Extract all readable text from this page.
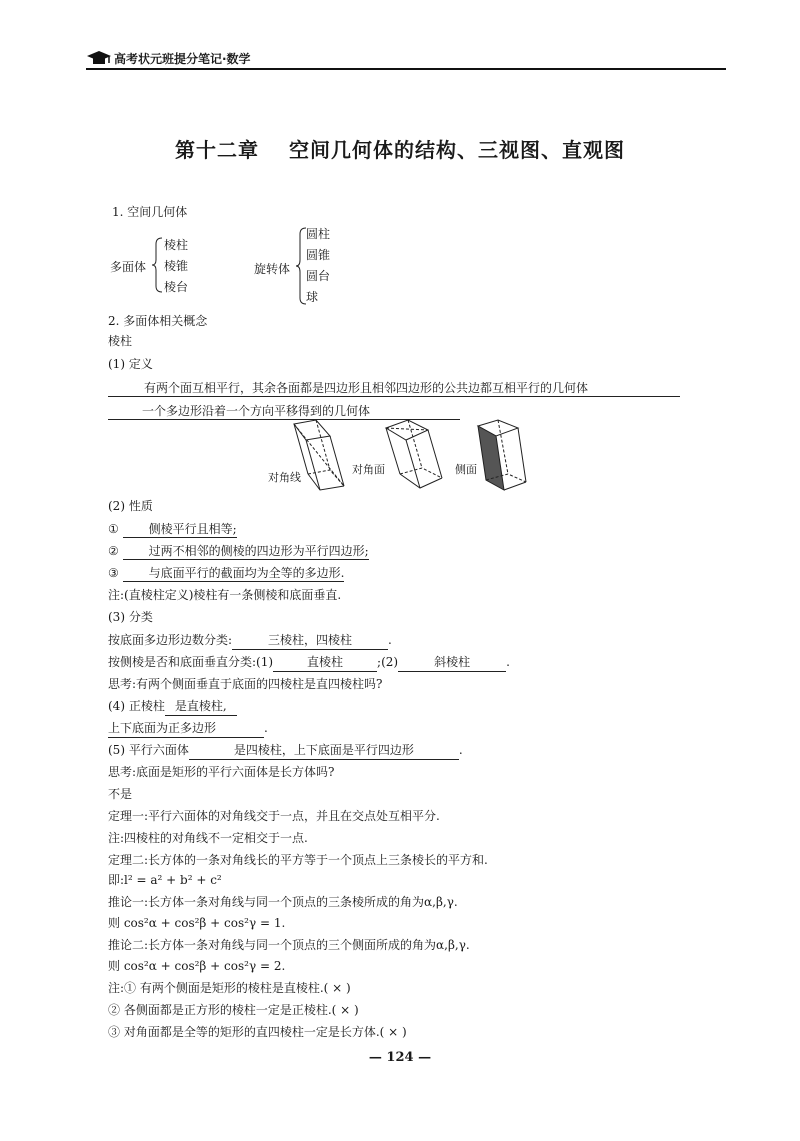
高考状元班提分笔记·数学
第十二章 空间几何体的结构、三视图、直观图
1. 空间几何体
多面体
棱柱
棱锥
棱台
旋转体
圆柱
圆锥
圆台
球
2. 多面体相关概念
棱柱
(1) 定义
有两个面互相平行，其余各面都是四边形且相邻四边形的公共边都互相平行的几何体
一个多边形沿着一个方向平移得到的几何体
对角线
对角面	侧面
(2) 性质
① 侧棱平行且相等;
② 过两不相邻的侧棱的四边形为平行四边形;
③ 与底面平行的截面均为全等的多边形.
注:(直棱柱定义)棱柱有一条侧棱和底面垂直.
(3) 分类
按底面多边形边数分类:	三棱柱，四棱柱	.
按侧棱是否和底面垂直分类:(1)	直棱柱	;(2)	斜棱柱	.
思考:有两个侧面垂直于底面的四棱柱是直四棱柱吗?
(4) 正棱柱 是直棱柱,
上下底面为正多边形	.
(5) 平行六面体	是四棱柱，上下底面是平行四边形	.
思考:底面是矩形的平行六面体是长方体吗?
不是
定理一:平行六面体的对角线交于一点，并且在交点处互相平分.
注:四棱柱的对角线不一定相交于一点.
定理二:长方体的一条对角线长的平方等于一个顶点上三条棱长的平方和.
即:l² = a² + b² + c²
推论一:长方体一条对角线与同一个顶点的三条棱所成的角为α,β,γ.
则 cos²α + cos²β + cos²γ = 1.
推论二:长方体一条对角线与同一个顶点的三个侧面所成的角为α,β,γ.
则 cos²α + cos²β + cos²γ = 2.
注:① 有两个侧面是矩形的棱柱是直棱柱.( × )
② 各侧面都是正方形的棱柱一定是正棱柱.( × )
③ 对角面都是全等的矩形的直四棱柱一定是长方体.( × )
— 124 —
